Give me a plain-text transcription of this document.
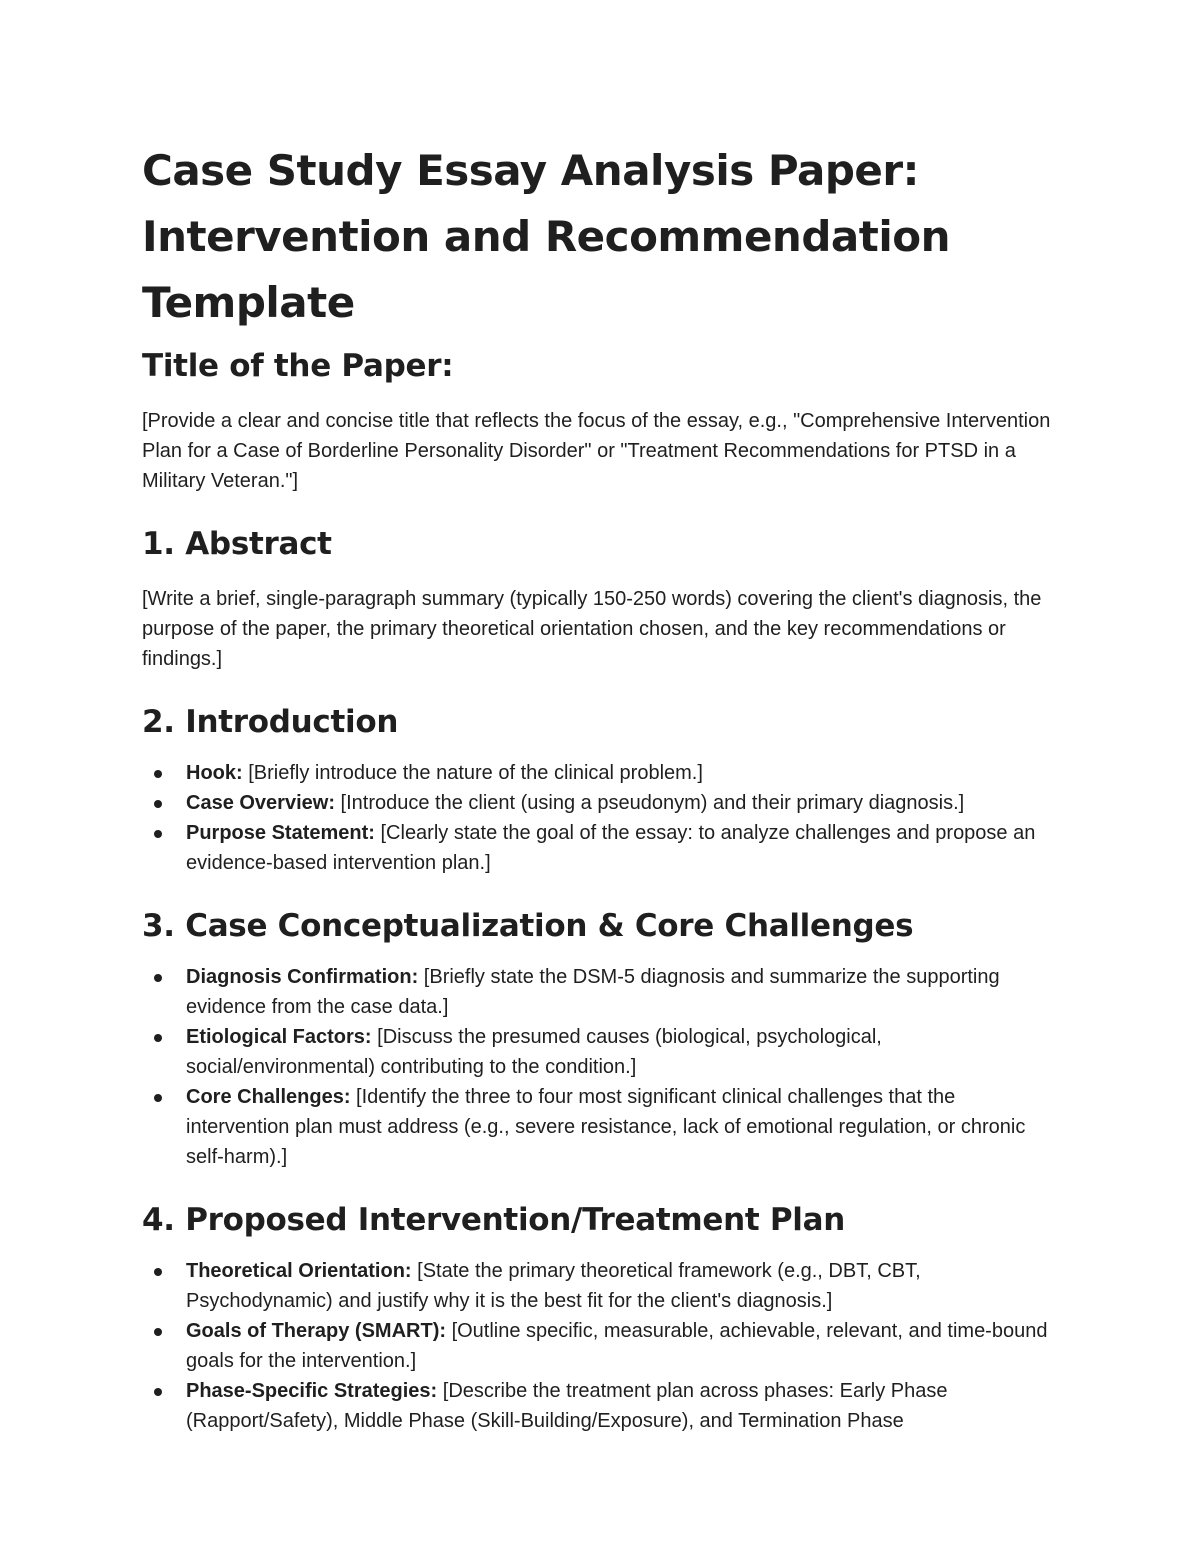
Case Study Essay Analysis Paper:
Intervention and Recommendation
Template
Title of the Paper:

[Provide a clear and concise title that reflects the focus of the essay, e.g., "Comprehensive Intervention Plan for a Case of Borderline Personality Disorder" or "Treatment Recommendations for PTSD in a Military Veteran."]

1. Abstract

[Write a brief, single-paragraph summary (typically 150-250 words) covering the client's diagnosis, the purpose of the paper, the primary theoretical orientation chosen, and the key recommendations or findings.]

2. Introduction
Hook: [Briefly introduce the nature of the clinical problem.]
Case Overview: [Introduce the client (using a pseudonym) and their primary diagnosis.]
Purpose Statement: [Clearly state the goal of the essay: to analyze challenges and propose an evidence-based intervention plan.]
3. Case Conceptualization & Core Challenges
Diagnosis Confirmation: [Briefly state the DSM-5 diagnosis and summarize the supporting evidence from the case data.]
Etiological Factors: [Discuss the presumed causes (biological, psychological, social/environmental) contributing to the condition.]
Core Challenges: [Identify the three to four most significant clinical challenges that the intervention plan must address (e.g., severe resistance, lack of emotional regulation, or chronic self-harm).]
4. Proposed Intervention/Treatment Plan
Theoretical Orientation: [State the primary theoretical framework (e.g., DBT, CBT, Psychodynamic) and justify why it is the best fit for the client's diagnosis.]
Goals of Therapy (SMART): [Outline specific, measurable, achievable, relevant, and time-bound goals for the intervention.]
Phase-Specific Strategies: [Describe the treatment plan across phases: Early Phase (Rapport/Safety), Middle Phase (Skill-Building/Exposure), and Termination Phase
